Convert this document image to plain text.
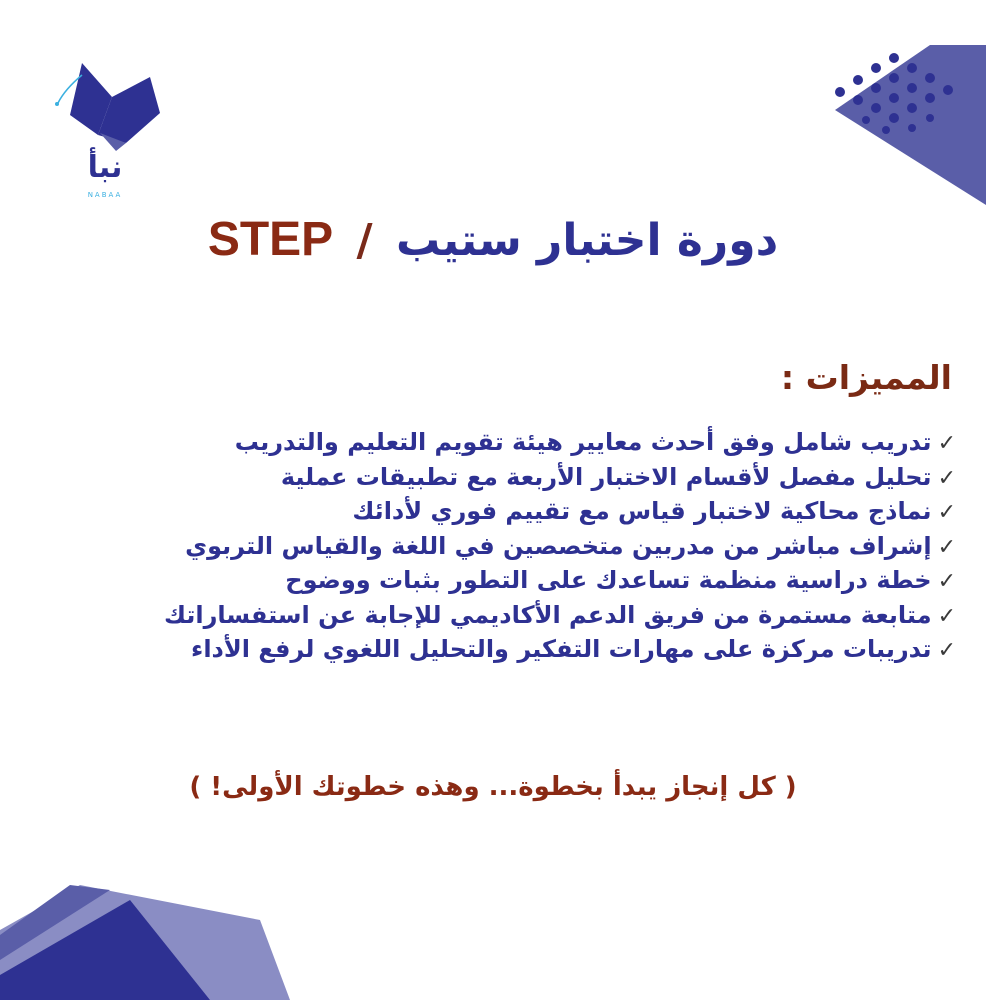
نبأ
NABAA
دورة اختبار ستيب / STEP
المميزات :
✓تدريب شامل وفق أحدث معايير هيئة تقويم التعليم والتدريب
✓تحليل مفصل لأقسام الاختبار الأربعة مع تطبيقات عملية
✓نماذج محاكية لاختبار قياس مع تقييم فوري لأدائك
✓إشراف مباشر من مدربين متخصصين في اللغة والقياس التربوي
✓خطة دراسية منظمة تساعدك على التطور بثبات ووضوح
✓متابعة مستمرة من فريق الدعم الأكاديمي للإجابة عن استفساراتك
✓تدريبات مركزة على مهارات التفكير والتحليل اللغوي لرفع الأداء
( كل إنجاز يبدأ بخطوة... وهذه خطوتك الأولى! )
